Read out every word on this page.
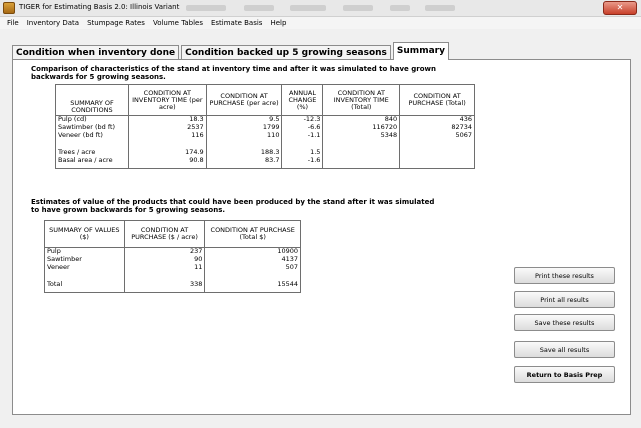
TIGER for Estimating Basis 2.0: Illinois Variant	✕
File	Inventory Data	Stumpage Rates	Volume Tables	Estimate Basis	Help
Condition when inventory done	Condition backed up 5 growing seasons	Summary
Comparison of characteristics of the stand at inventory time and after it was simulated to have grown backwards for 5 growing seasons.
SUMMARY OF CONDITIONS	CONDITION AT INVENTORY TIME (per acre)	CONDITION AT PURCHASE (per acre)	ANNUAL CHANGE (%)	CONDITION AT INVENTORY TIME (Total)	CONDITION AT PURCHASE (Total)
Pulp (cd)	18.3	9.5	-12.3	840	436
Sawtimber (bd ft)	2537	1799	-6.6	116720	82734
Veneer (bd ft)	116	110	-1.1	5348	5067

Trees / acre	174.9	188.3	1.5		
Basal area / acre	90.8	83.7	-1.6		
Estimates of value of the products that could have been produced by the stand after it was simulated to have grown backwards for 5 growing seasons.
SUMMARY OF VALUES ($)	CONDITION AT PURCHASE ($ / acre)	CONDITION AT PURCHASE (Total $)
Pulp	237	10900
Sawtimber	90	4137
Veneer	11	507

Total	338	15544
Print these results
Print all results
Save these results
Save all results
Return to Basis Prep
